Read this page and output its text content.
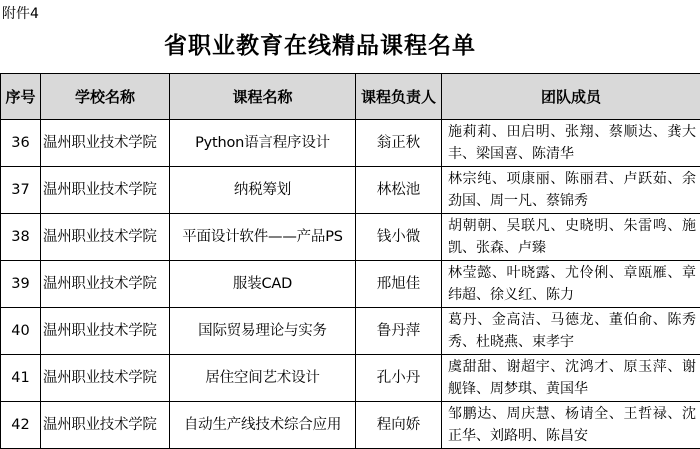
附件4
省职业教育在线精品课程名单
序号	学校名称	课程名称	课程负责人	团队成员
36	温州职业技术学院	Python语言程序设计	翁正秋	施莉莉、田启明、张翔、蔡顺达、龚大丰、梁国喜、陈清华
37	温州职业技术学院	纳税筹划	林松池	林宗纯、项康丽、陈丽君、卢跃茹、余劲国、周一凡、蔡锦秀
38	温州职业技术学院	平面设计软件——产品PS	钱小微	胡朝朝、吴联凡、史晓明、朱雷鸣、施凯、张森、卢臻
39	温州职业技术学院	服装CAD	邢旭佳	林莹懿、叶晓露、尤伶俐、章瓯雁、章纬超、徐义红、陈力
40	温州职业技术学院	国际贸易理论与实务	鲁丹萍	葛丹、金高洁、马德龙、董伯俞、陈秀秀、杜晓燕、束孝宇
41	温州职业技术学院	居住空间艺术设计	孔小丹	虞甜甜、谢超宇、沈鸿才、原玉萍、谢舰锋、周梦琪、黄国华
42	温州职业技术学院	自动生产线技术综合应用	程向娇	邹鹏达、周庆慧、杨请全、王哲禄、沈正华、刘路明、陈昌安
